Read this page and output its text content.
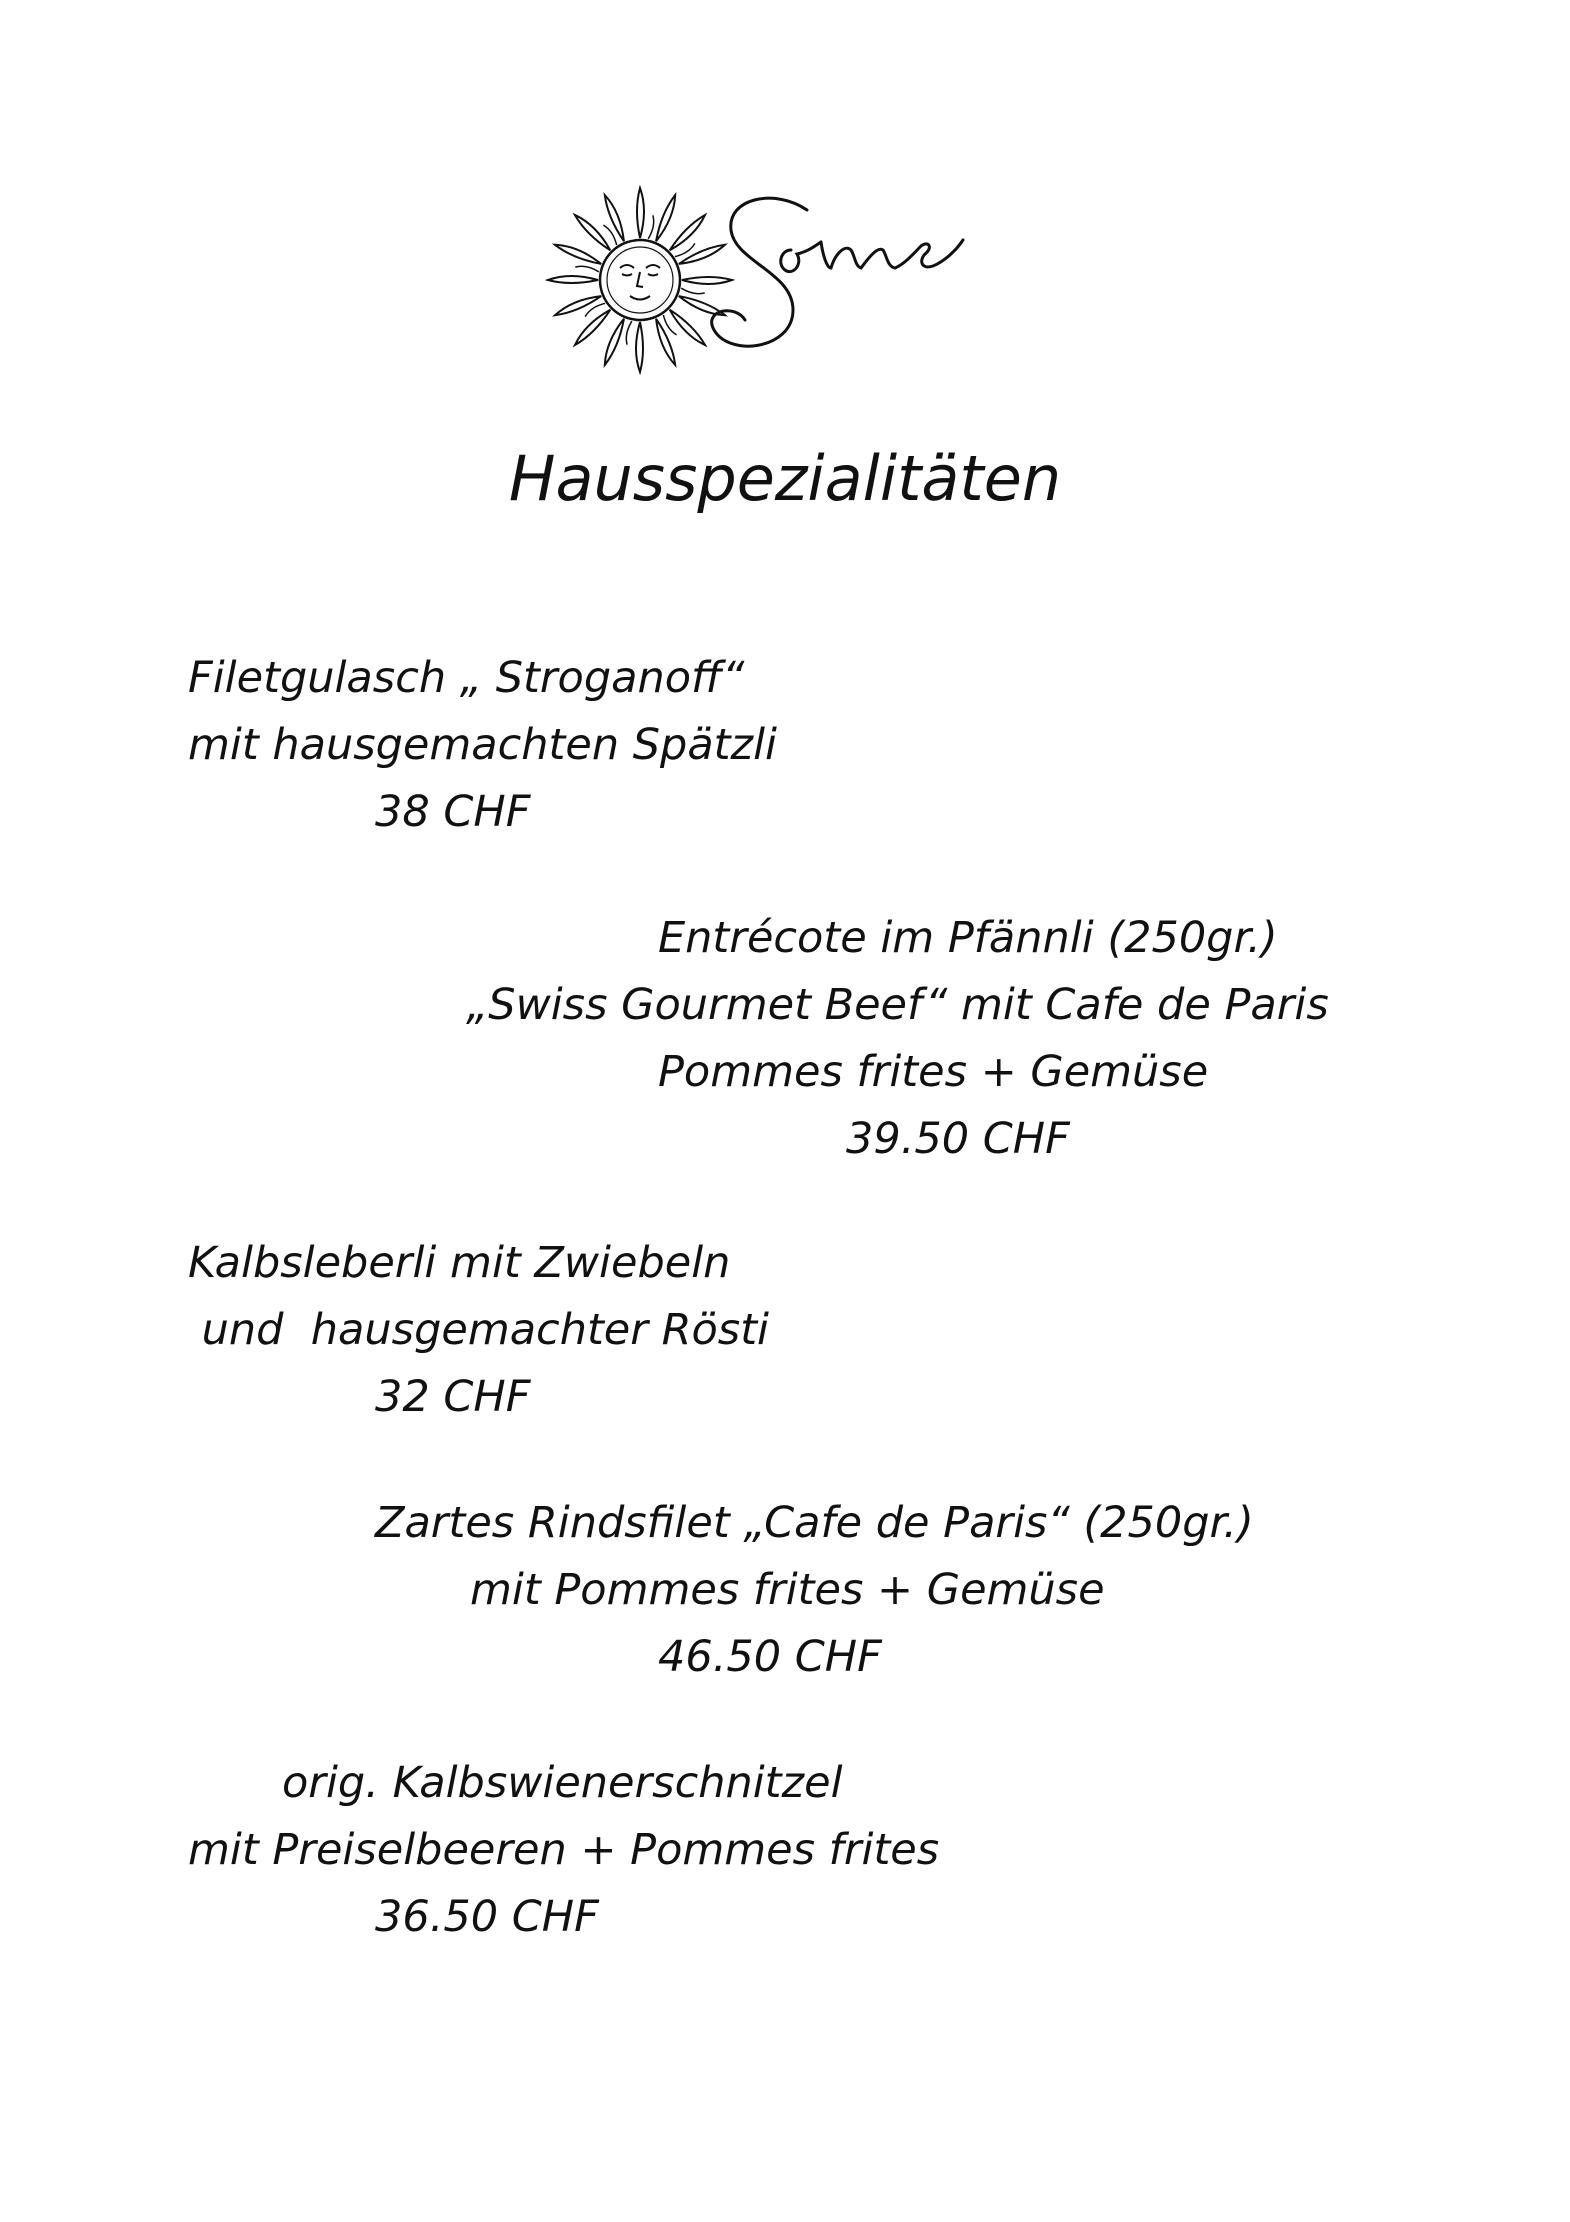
Hausspezialitäten
Filetgulasch „ Stroganoff“
mit hausgemachten Spätzli
38 CHF
Entrécote im Pfännli (250gr.)
„Swiss Gourmet Beef“ mit Cafe de Paris
Pommes frites + Gemüse
39.50 CHF
Kalbsleberli mit Zwiebeln
und  hausgemachter Rösti
32 CHF
Zartes Rindsfilet „Cafe de Paris“ (250gr.)
mit Pommes frites + Gemüse
46.50 CHF
orig. Kalbswienerschnitzel
mit Preiselbeeren + Pommes frites
36.50 CHF
